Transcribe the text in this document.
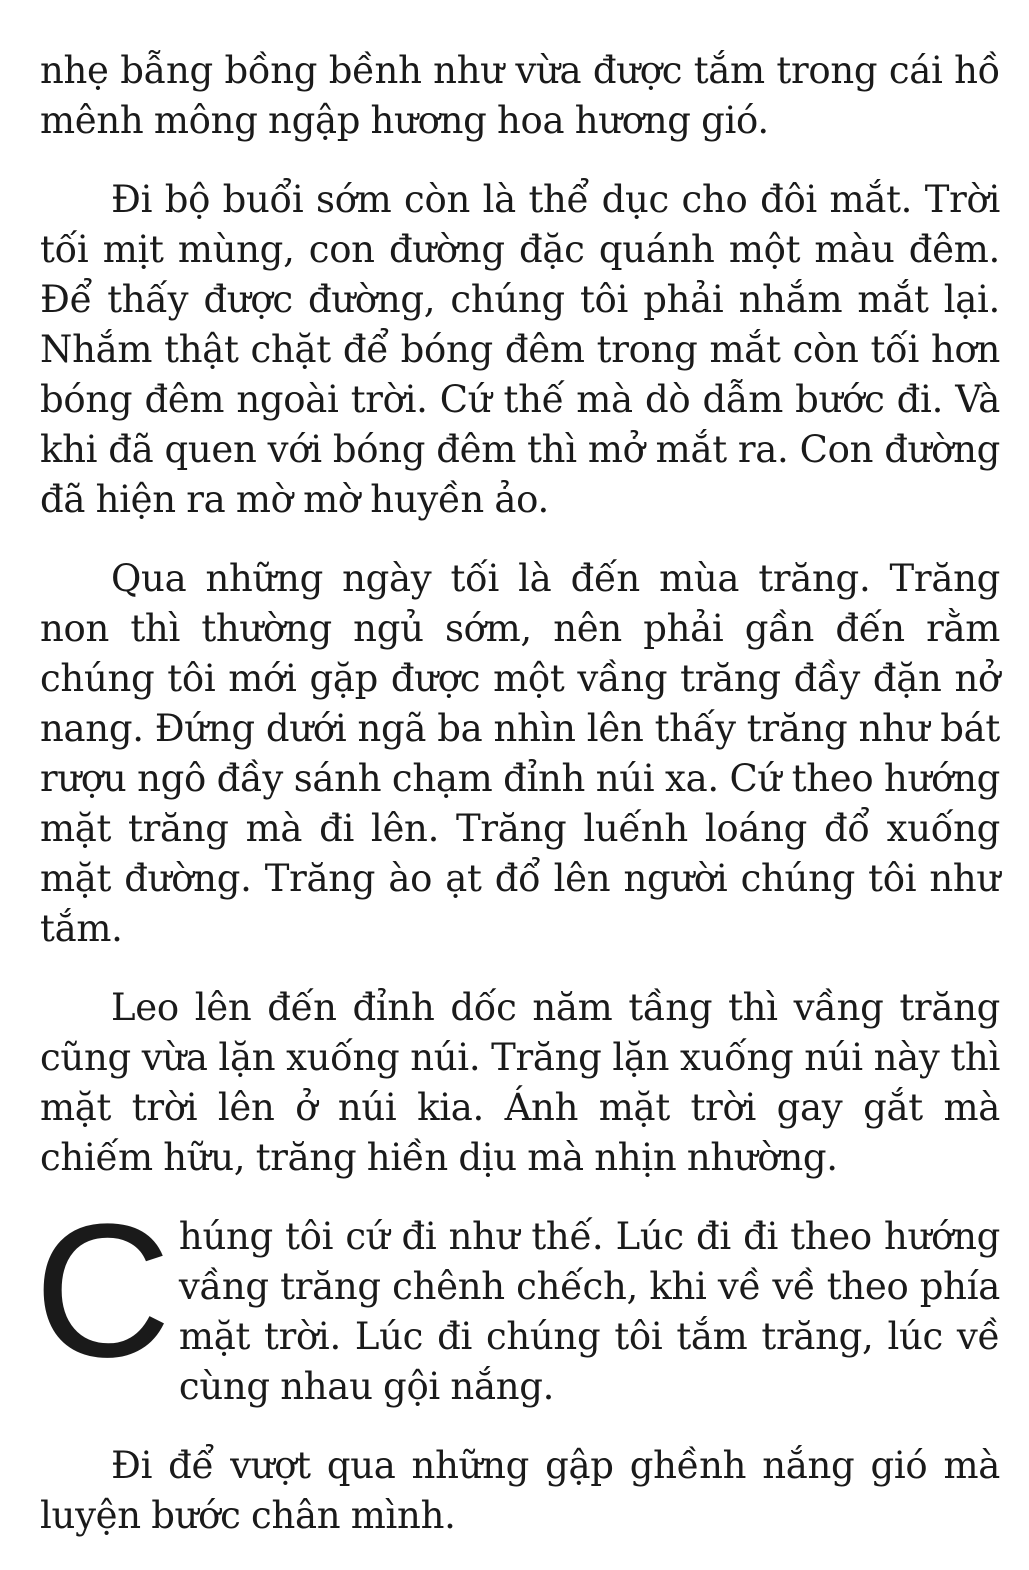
nhẹ bẫng bồng bềnh như vừa được tắm trong cái hồ mênh mông ngập hương hoa hương gió.

Đi bộ buổi sớm còn là thể dục cho đôi mắt. Trời tối mịt mùng, con đường đặc quánh một màu đêm. Để thấy được đường, chúng tôi phải nhắm mắt lại. Nhắm thật chặt để bóng đêm trong mắt còn tối hơn bóng đêm ngoài trời. Cứ thế mà dò dẫm bước đi. Và khi đã quen với bóng đêm thì mở mắt ra. Con đường đã hiện ra mờ mờ huyền ảo.

Qua những ngày tối là đến mùa trăng. Trăng non thì thường ngủ sớm, nên phải gần đến rằm chúng tôi mới gặp được một vầng trăng đầy đặn nở nang. Đứng dưới ngã ba nhìn lên thấy trăng như bát rượu ngô đầy sánh chạm đỉnh núi xa. Cứ theo hướng mặt trăng mà đi lên. Trăng luếnh loáng đổ xuống mặt đường. Trăng ào ạt đổ lên người chúng tôi như tắm.

Leo lên đến đỉnh dốc năm tầng thì vầng trăng cũng vừa lặn xuống núi. Trăng lặn xuống núi này thì mặt trời lên ở núi kia. Ánh mặt trời gay gắt mà chiếm hữu, trăng hiền dịu mà nhịn nhường.

Chúng tôi cứ đi như thế. Lúc đi đi theo hướng vầng trăng chênh chếch, khi về về theo phía mặt trời. Lúc đi chúng tôi tắm trăng, lúc về cùng nhau gội nắng.

Đi để vượt qua những gập ghềnh nắng gió mà luyện bước chân mình.
